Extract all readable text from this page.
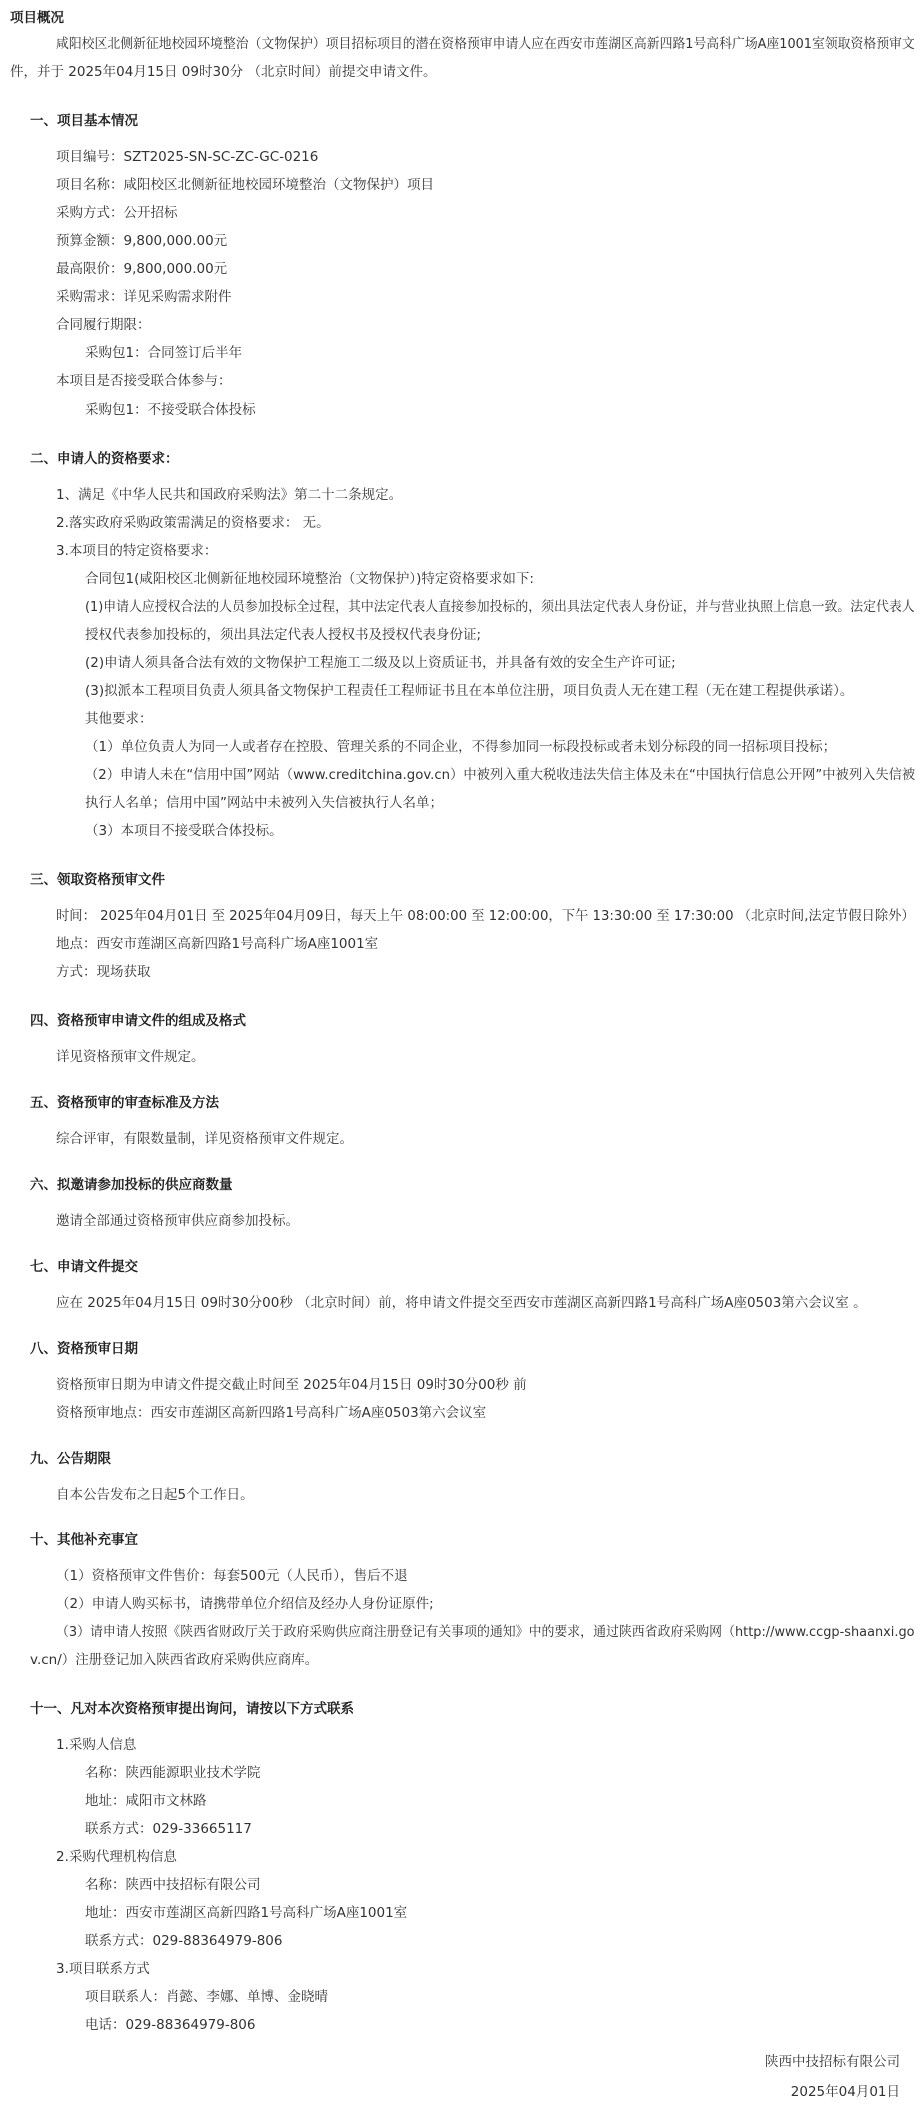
项目概况
咸阳校区北侧新征地校园环境整治（文物保护）项目招标项目的潜在资格预审申请人应在西安市莲湖区高新四路1号高科广场A座1001室领取资格预审文
件，并于 2025年04月15日 09时30分 （北京时间）前提交申请文件。
一、项目基本情况
项目编号：SZT2025-SN-SC-ZC-GC-0216
项目名称：咸阳校区北侧新征地校园环境整治（文物保护）项目
采购方式：公开招标
预算金额：9,800,000.00元
最高限价：9,800,000.00元
采购需求：详见采购需求附件
合同履行期限：
采购包1：合同签订后半年
本项目是否接受联合体参与：
采购包1：不接受联合体投标
二、申请人的资格要求：
1、满足《中华人民共和国政府采购法》第二十二条规定。
2.落实政府采购政策需满足的资格要求： 无。
3.本项目的特定资格要求：
合同包1(咸阳校区北侧新征地校园环境整治（文物保护）)特定资格要求如下:
(1)申请人应授权合法的人员参加投标全过程，其中法定代表人直接参加投标的，须出具法定代表人身份证，并与营业执照上信息一致。法定代表人
授权代表参加投标的，须出具法定代表人授权书及授权代表身份证;
(2)申请人须具备合法有效的文物保护工程施工二级及以上资质证书，并具备有效的安全生产许可证;
(3)拟派本工程项目负责人须具备文物保护工程责任工程师证书且在本单位注册，项目负责人无在建工程（无在建工程提供承诺）。
其他要求：
（1）单位负责人为同一人或者存在控股、管理关系的不同企业，不得参加同一标段投标或者未划分标段的同一招标项目投标；
（2）申请人未在“信用中国”网站（www.creditchina.gov.cn）中被列入重大税收违法失信主体及未在“中国执行信息公开网”中被列入失信被
执行人名单；信用中国”网站中未被列入失信被执行人名单；
（3）本项目不接受联合体投标。
三、领取资格预审文件
时间： 2025年04月01日 至 2025年04月09日，每天上午 08:00:00 至 12:00:00，下午 13:30:00 至 17:30:00 （北京时间,法定节假日除外）
地点：西安市莲湖区高新四路1号高科广场A座1001室
方式：现场获取
四、资格预审申请文件的组成及格式
详见资格预审文件规定。
五、资格预审的审查标准及方法
综合评审，有限数量制，详见资格预审文件规定。
六、拟邀请参加投标的供应商数量
邀请全部通过资格预审供应商参加投标。
七、申请文件提交
应在 2025年04月15日 09时30分00秒 （北京时间）前，将申请文件提交至西安市莲湖区高新四路1号高科广场A座0503第六会议室 。
八、资格预审日期
资格预审日期为申请文件提交截止时间至 2025年04月15日 09时30分00秒 前
资格预审地点：西安市莲湖区高新四路1号高科广场A座0503第六会议室
九、公告期限
自本公告发布之日起5个工作日。
十、其他补充事宜
（1）资格预审文件售价：每套500元（人民币），售后不退
（2）申请人购买标书，请携带单位介绍信及经办人身份证原件;
（3）请申请人按照《陕西省财政厅关于政府采购供应商注册登记有关事项的通知》中的要求，通过陕西省政府采购网（http://www.ccgp-shaanxi.go
v.cn/）注册登记加入陕西省政府采购供应商库。
十一、凡对本次资格预审提出询问，请按以下方式联系
1.采购人信息
名称：陕西能源职业技术学院
地址：咸阳市文林路
联系方式：029-33665117
2.采购代理机构信息
名称：陕西中技招标有限公司
地址：西安市莲湖区高新四路1号高科广场A座1001室
联系方式：029-88364979-806
3.项目联系方式
项目联系人：肖懿、李娜、单博、金晓晴
电话：029-88364979-806
陕西中技招标有限公司
2025年04月01日
